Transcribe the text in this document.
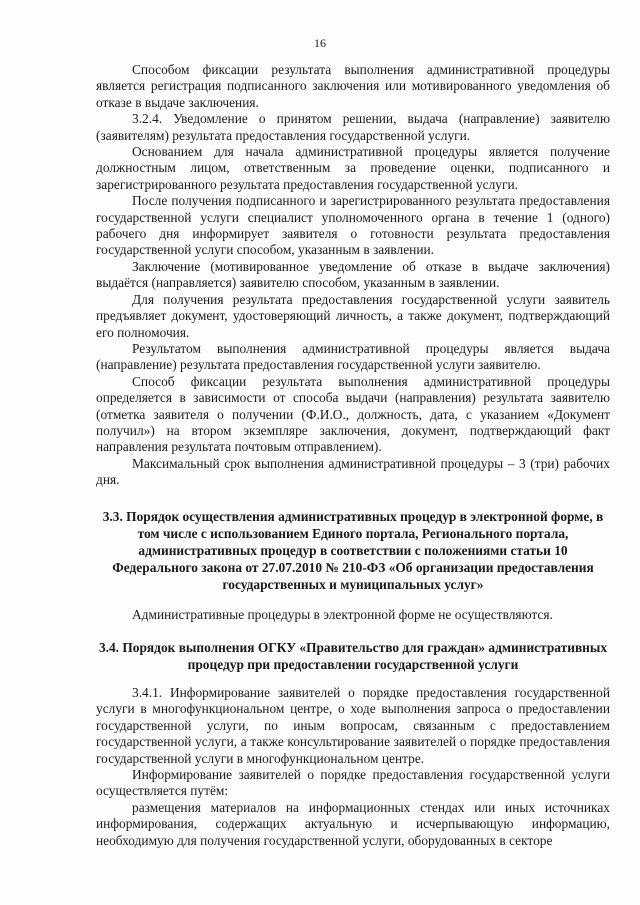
16

Способом фиксации результата выполнения административной процедуры является регистрация подписанного заключения или мотивированного уведомления об отказе в выдаче заключения.

3.2.4. Уведомление о принятом решении, выдача (направление) заявителю (заявителям) результата предоставления государственной услуги.

Основанием для начала административной процедуры является получение должностным лицом, ответственным за проведение оценки, подписанного и зарегистрированного результата предоставления государственной услуги.

После получения подписанного и зарегистрированного результата предоставления государственной услуги специалист уполномоченного органа в течение 1 (одного) рабочего дня информирует заявителя о готовности результата предоставления государственной услуги способом, указанным в заявлении.

Заключение (мотивированное уведомление об отказе в выдаче заключения) выдаётся (направляется) заявителю способом, указанным в заявлении.

Для получения результата предоставления государственной услуги заявитель предъявляет документ, удостоверяющий личность, а также документ, подтверждающий его полномочия.

Результатом выполнения административной процедуры является выдача (направление) результата предоставления государственной услуги заявителю.

Способ фиксации результата выполнения административной процедуры определяется в зависимости от способа выдачи (направления) результата заявителю (отметка заявителя о получении (Ф.И.О., должность, дата, с указанием «Документ получил») на втором экземпляре заключения, документ, подтверждающий факт направления результата почтовым отправлением).

Максимальный срок выполнения административной процедуры – 3 (три) рабочих дня.

3.3. Порядок осуществления административных процедур в электронной форме, в том числе с использованием Единого портала, Регионального портала, административных процедур в соответствии с положениями статьи 10 Федерального закона от 27.07.2010 № 210-ФЗ «Об организации предоставления государственных и муниципальных услуг»

Административные процедуры в электронной форме не осуществляются.

3.4. Порядок выполнения ОГКУ «Правительство для граждан» административных процедур при предоставлении государственной услуги

3.4.1. Информирование заявителей о порядке предоставления государственной услуги в многофункциональном центре, о ходе выполнения запроса о предоставлении государственной услуги, по иным вопросам, связанным с предоставлением государственной услуги, а также консультирование заявителей о порядке предоставления государственной услуги в многофункциональном центре.

Информирование заявителей о порядке предоставления государственной услуги осуществляется путём:

размещения материалов на информационных стендах или иных источниках информирования, содержащих актуальную и исчерпывающую информацию, необходимую для получения государственной услуги, оборудованных в секторе
